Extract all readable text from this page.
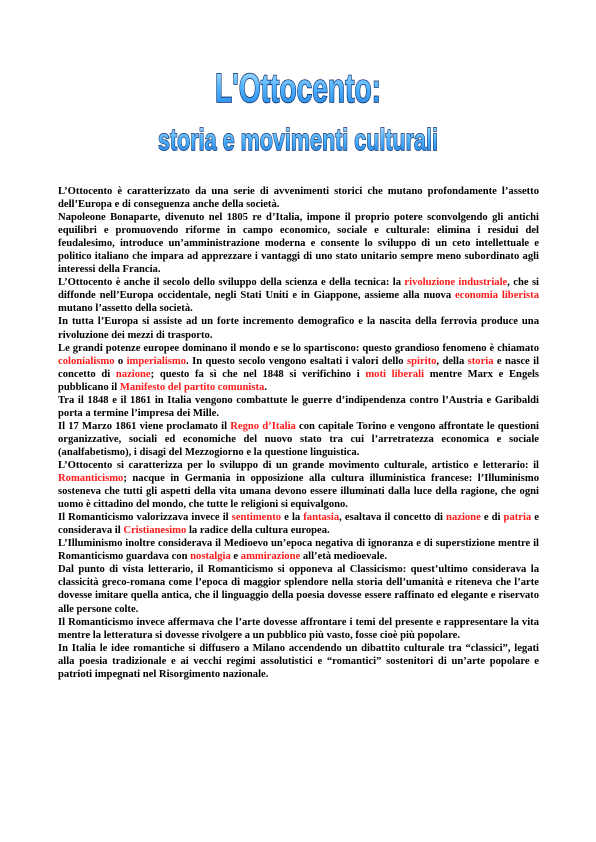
L'Ottocento:
storia e movimenti culturali

L’Ottocento è caratterizzato da una serie di avvenimenti storici che mutano profondamente l’assetto dell’Europa e di conseguenza anche della società.

Napoleone Bonaparte, divenuto nel 1805 re d’Italia, impone il proprio potere sconvolgendo gli antichi equilibri e promuovendo riforme in campo economico, sociale e culturale: elimina i residui del feudalesimo, introduce un’amministrazione moderna e consente lo sviluppo di un ceto intellettuale e politico italiano che impara ad apprezzare i vantaggi di uno stato unitario sempre meno subordinato agli interessi della Francia.

L’Ottocento è anche il secolo dello sviluppo della scienza e della tecnica: la rivoluzione industriale, che si diffonde nell’Europa occidentale, negli Stati Uniti e in Giappone, assieme alla nuova economia liberista mutano l’assetto della società.

In tutta l’Europa si assiste ad un forte incremento demografico e la nascita della ferrovia produce una rivoluzione dei mezzi di trasporto.

Le grandi potenze europee dominano il mondo e se lo spartiscono: questo grandioso fenomeno è chiamato colonialismo o imperialismo. In questo secolo vengono esaltati i valori dello spirito, della storia e nasce il concetto di nazione; questo fa sì che nel 1848 si verifichino i moti liberali mentre Marx e Engels pubblicano il Manifesto del partito comunista.

Tra il 1848 e il 1861 in Italia vengono combattute le guerre d’indipendenza contro l’Austria e Garibaldi porta a termine l’impresa dei Mille.

Il 17 Marzo 1861 viene proclamato il Regno d’Italia con capitale Torino e vengono affrontate le questioni organizzative, sociali ed economiche del nuovo stato tra cui l’arretratezza economica e sociale (analfabetismo), i disagi del Mezzogiorno e la questione linguistica.

L’Ottocento si caratterizza per lo sviluppo di un grande movimento culturale, artistico e letterario: il Romanticismo; nacque in Germania in opposizione alla cultura illuministica francese: l’Illuminismo sosteneva che tutti gli aspetti della vita umana devono essere illuminati dalla luce della ragione, che ogni uomo è cittadino del mondo, che tutte le religioni si equivalgono.

Il Romanticismo valorizzava invece il sentimento e la fantasia, esaltava il concetto di nazione e di patria e considerava il Cristianesimo la radice della cultura europea.

L’Illuminismo inoltre considerava il Medioevo un’epoca negativa di ignoranza e di superstizione mentre il Romanticismo guardava con nostalgia e ammirazione all’età medioevale.

Dal punto di vista letterario, il Romanticismo si opponeva al Classicismo: quest’ultimo considerava la classicità greco-romana come l’epoca di maggior splendore nella storia dell’umanità e riteneva che l’arte dovesse imitare quella antica, che il linguaggio della poesia dovesse essere raffinato ed elegante e riservato alle persone colte.

Il Romanticismo invece affermava che l’arte dovesse affrontare i temi del presente e rappresentare la vita mentre la letteratura si dovesse rivolgere a un pubblico più vasto, fosse cioè più popolare.

In Italia le idee romantiche si diffusero a Milano accendendo un dibattito culturale tra “classici”, legati alla poesia tradizionale e ai vecchi regimi assolutistici e “romantici” sostenitori di un’arte popolare e patrioti impegnati nel Risorgimento nazionale.
